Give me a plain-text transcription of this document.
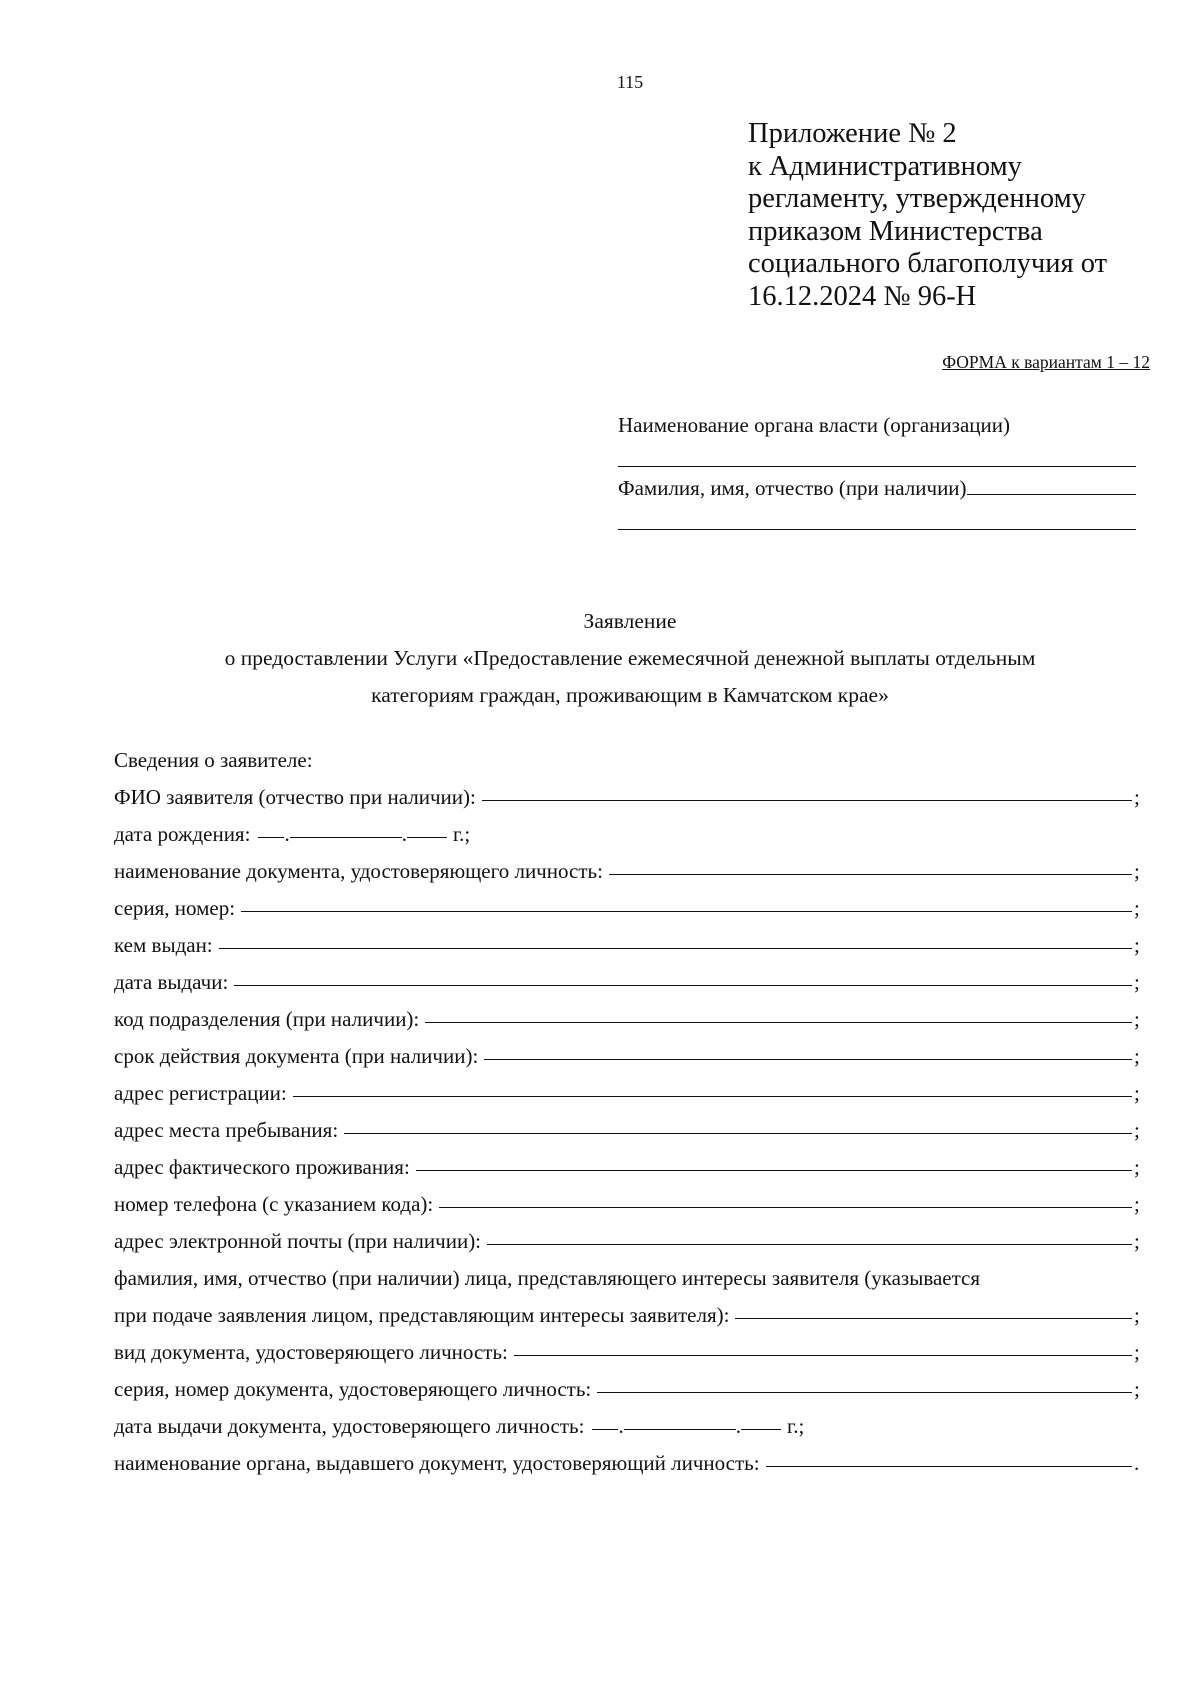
115
Приложение № 2
к Административному
регламенту, утвержденному
приказом Министерства
социального благополучия от
16.12.2024 № 96-Н
ФОРМА к вариантам 1 – 12
Наименование органа власти (организации)
Фамилия, имя, отчество (при наличии)
Заявление
о предоставлении Услуги «Предоставление ежемесячной денежной выплаты отдельным
категориям граждан, проживающим в Камчатском крае»
Сведения о заявителе:
ФИО заявителя (отчество при наличии):	;
дата рождения:	.	.	г.;
наименование документа, удостоверяющего личность:	;
серия, номер:	;
кем выдан:	;
дата выдачи:	;
код подразделения (при наличии):	;
срок действия документа (при наличии):	;
адрес регистрации:	;
адрес места пребывания:	;
адрес фактического проживания:	;
номер телефона (с указанием кода):	;
адрес электронной почты (при наличии):	;
фамилия, имя, отчество (при наличии) лица, представляющего интересы заявителя (указывается
при подаче заявления лицом, представляющим интересы заявителя):	;
вид документа, удостоверяющего личность:	;
серия, номер документа, удостоверяющего личность:	;
дата выдачи документа, удостоверяющего личность:	.	.	г.;
наименование органа, выдавшего документ, удостоверяющий личность:	.
